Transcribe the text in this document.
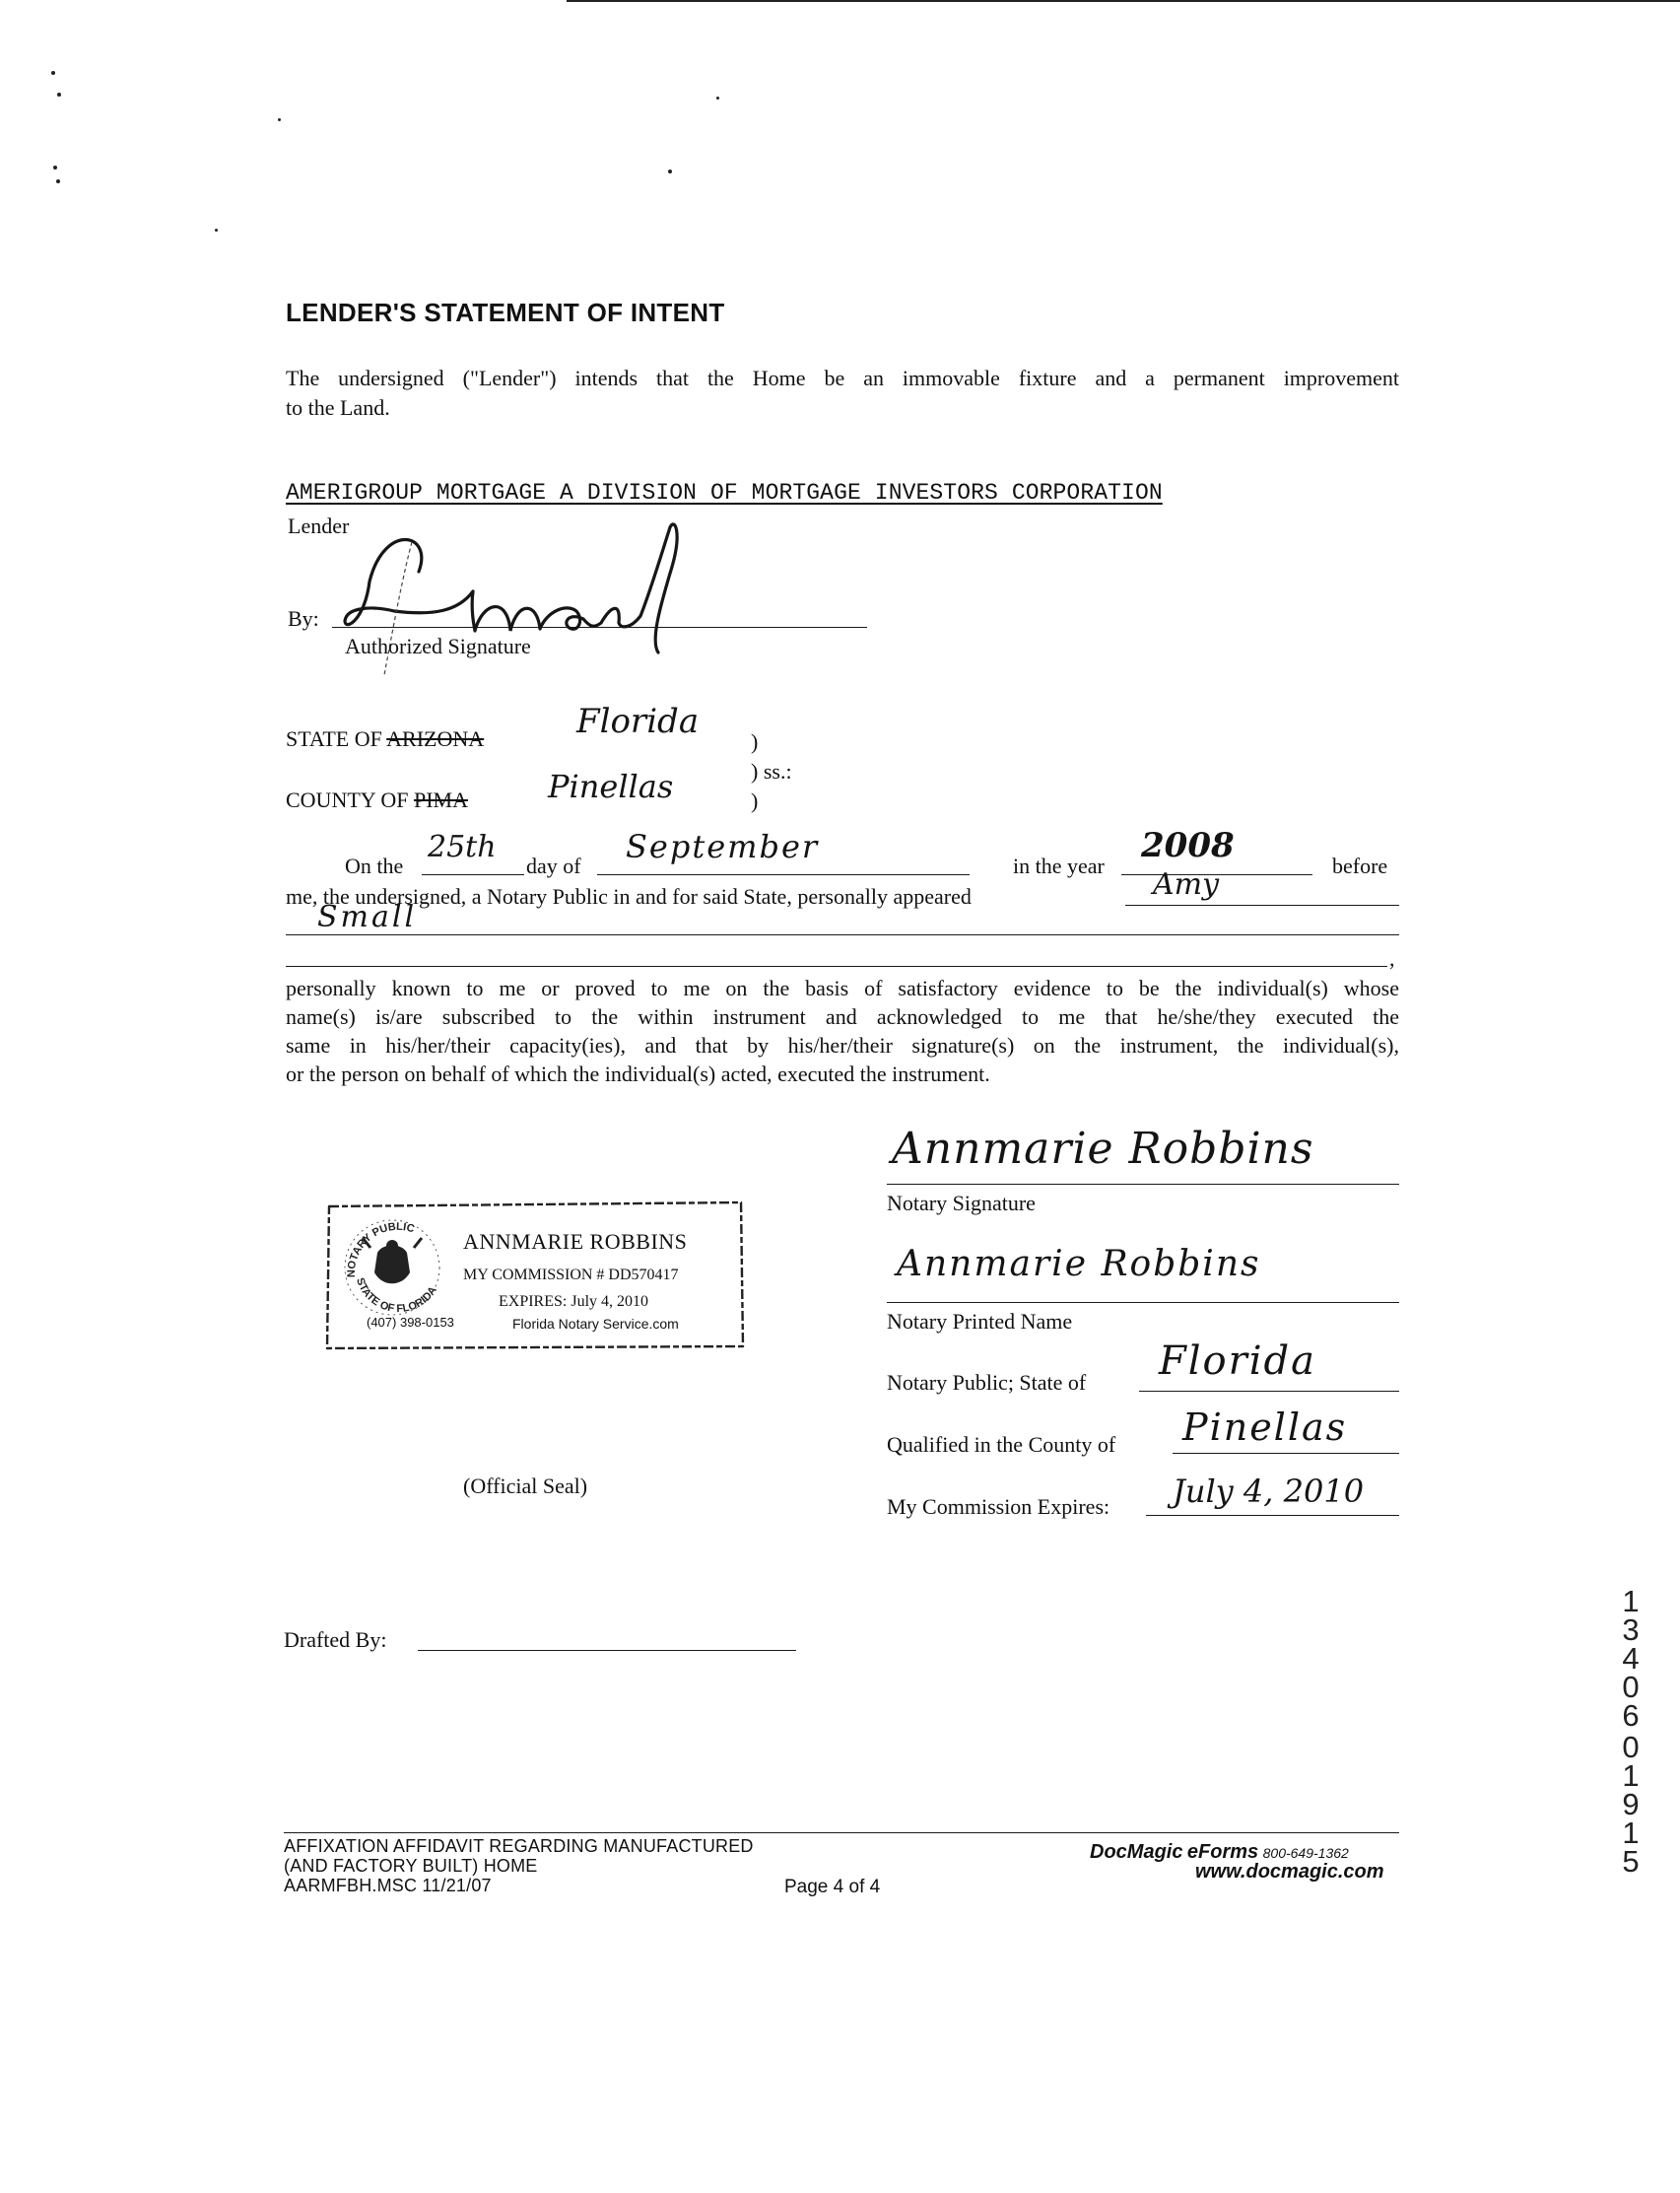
LENDER'S STATEMENT OF INTENT
The undersigned ("Lender") intends that the Home be an immovable fixture and a permanent improvement
to the Land.
AMERIGROUP MORTGAGE A DIVISION OF MORTGAGE INVESTORS CORPORATION
Lender
By:
Authorized Signature
STATE OF ARIZONA	Florida
)
) ss.:
)
COUNTY OF PIMA	Pinellas
On the
25th
day of
September
in the year
2008
before
me, the undersigned, a Notary Public in and for said State, personally appeared	Amy
Small
,
personally known to me or proved to me on the basis of satisfactory evidence to be the individual(s) whose
name(s) is/are subscribed to the within instrument and acknowledged to me that he/she/they executed the
same in his/her/their capacity(ies), and that by his/her/their signature(s) on the instrument, the individual(s),
or the person on behalf of which the individual(s) acted, executed the instrument.
NOTARY PUBLIC
STATE OF FLORIDA
ANNMARIE ROBBINS
MY COMMISSION # DD570417
EXPIRES: July 4, 2010
(407) 398-0153	Florida Notary Service.com
(Official Seal)
Annmarie Robbins
Notary Signature
Annmarie Robbins
Notary Printed Name
Notary Public; State of Florida
Qualified in the County of Pinellas
My Commission Expires: July 4, 2010
Drafted By:
AFFIXATION AFFIDAVIT REGARDING MANUFACTURED
(AND FACTORY BUILT) HOME
AARMFBH.MSC 11/21/07	Page 4 of 4
DocMagic eForms 800-649-1362
www.docmagic.com
13406
01915
